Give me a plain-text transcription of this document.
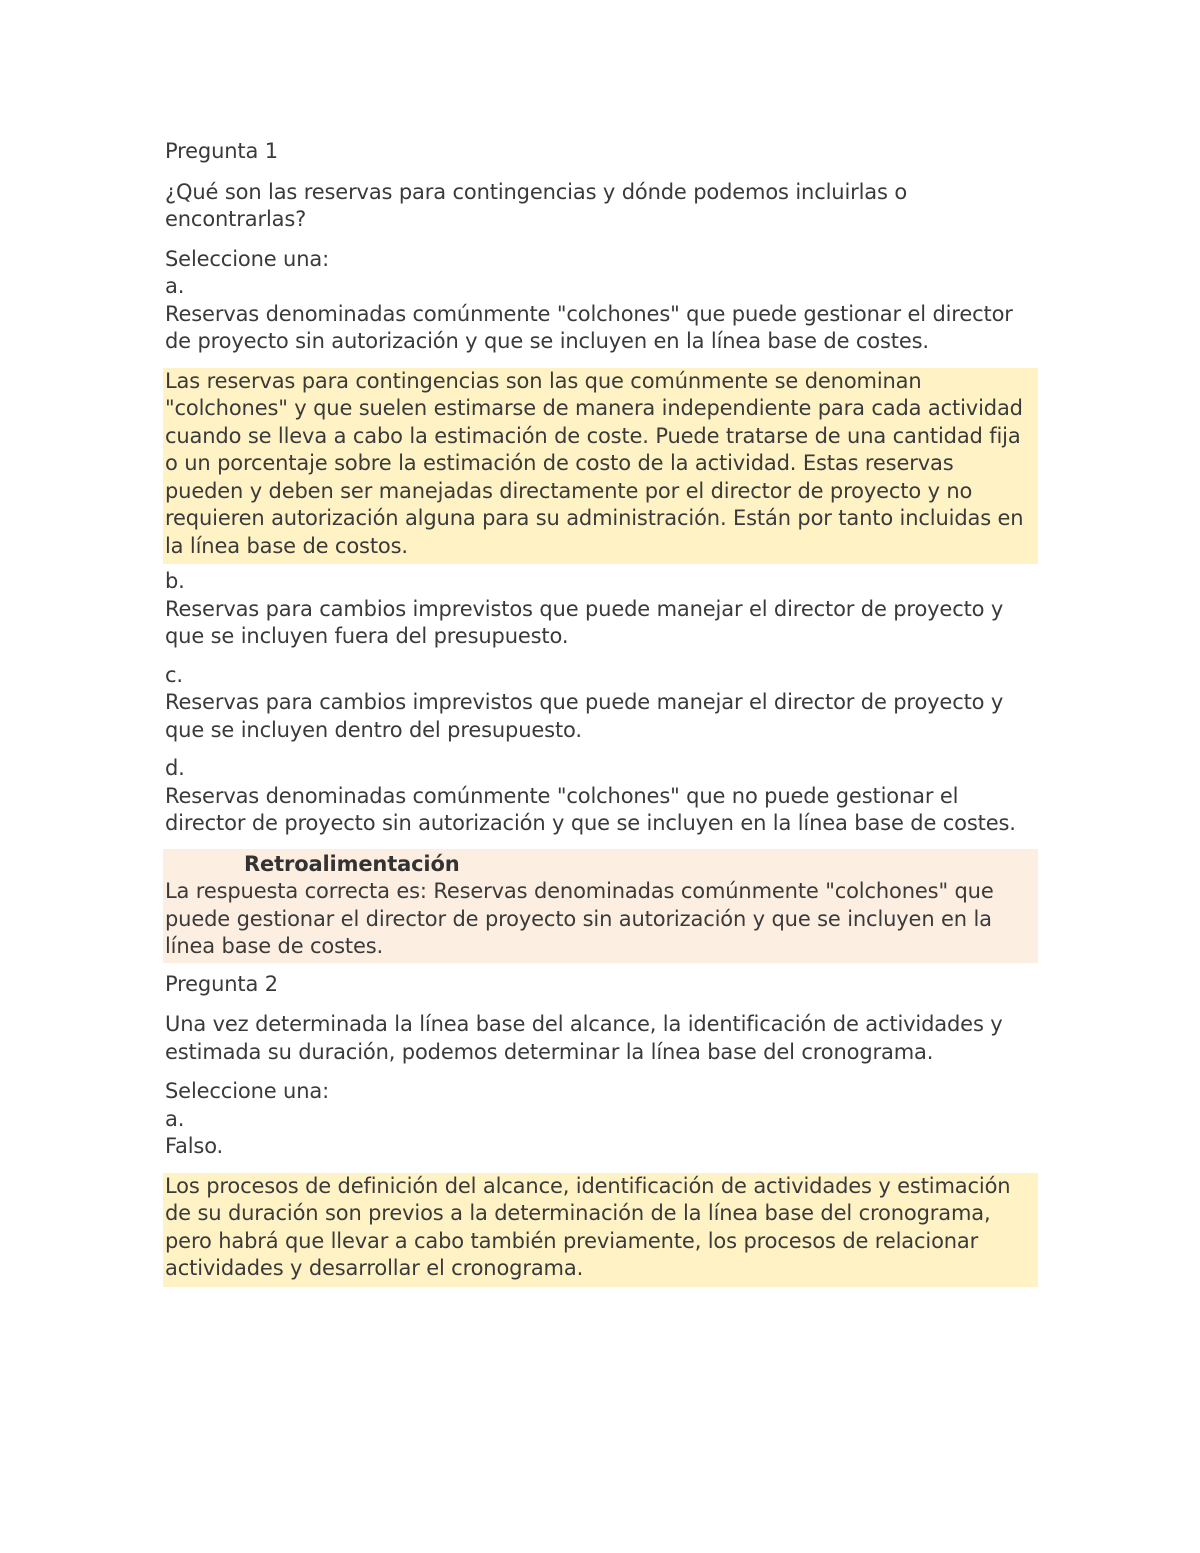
Pregunta 1

¿Qué son las reservas para contingencias y dónde podemos incluirlas o encontrarlas?

Seleccione una:

a.
Reservas denominadas comúnmente "colchones" que puede gestionar el director de proyecto sin autorización y que se incluyen en la línea base de costes.
Las reservas para contingencias son las que comúnmente se denominan "colchones" y que suelen estimarse de manera independiente para cada actividad cuando se lleva a cabo la estimación de coste. Puede tratarse de una cantidad fija o un porcentaje sobre la estimación de costo de la actividad. Estas reservas pueden y deben ser manejadas directamente por el director de proyecto y no requieren autorización alguna para su administración. Están por tanto incluidas en la línea base de costos.
b.
Reservas para cambios imprevistos que puede manejar el director de proyecto y que se incluyen fuera del presupuesto.
c.
Reservas para cambios imprevistos que puede manejar el director de proyecto y que se incluyen dentro del presupuesto.
d.
Reservas denominadas comúnmente "colchones" que no puede gestionar el director de proyecto sin autorización y que se incluyen en la línea base de costes.
Retroalimentación
La respuesta correcta es: Reservas denominadas comúnmente "colchones" que puede gestionar el director de proyecto sin autorización y que se incluyen en la línea base de costes.

Pregunta 2

Una vez determinada la línea base del alcance, la identificación de actividades y estimada su duración, podemos determinar la línea base del cronograma.

Seleccione una:

a.
Falso.
Los procesos de definición del alcance, identificación de actividades y estimación de su duración son previos a la determinación de la línea base del cronograma, pero habrá que llevar a cabo también previamente, los procesos de relacionar actividades y desarrollar el cronograma.
